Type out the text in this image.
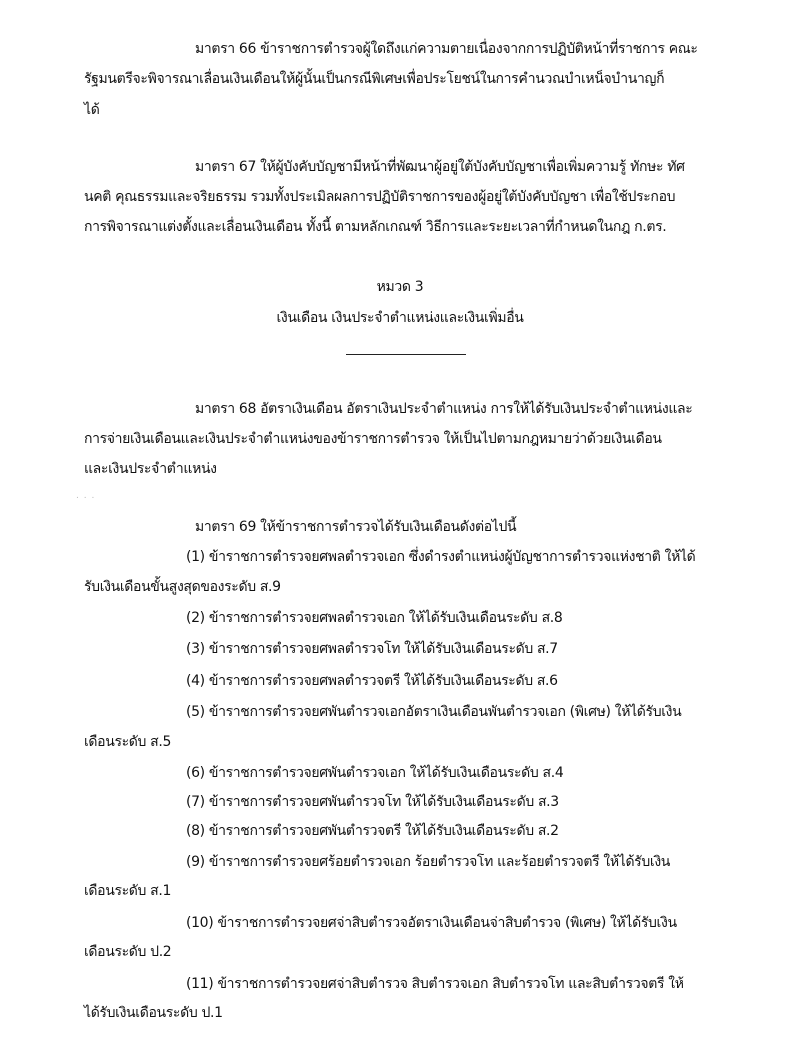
มาตรา 66 ข้าราชการตำรวจผู้ใดถึงแก่ความตายเนื่องจากการปฏิบัติหน้าที่ราชการ คณะ
รัฐมนตรีจะพิจารณาเลื่อนเงินเดือนให้ผู้นั้นเป็นกรณีพิเศษเพื่อประโยชน์ในการคำนวณบำเหน็จบำนาญก็
ได้
มาตรา 67 ให้ผู้บังคับบัญชามีหน้าที่พัฒนาผู้อยู่ใต้บังคับบัญชาเพื่อเพิ่มความรู้ ทักษะ ทัศ
นคติ คุณธรรมและจริยธรรม รวมทั้งประเมิลผลการปฏิบัติราชการของผู้อยู่ใต้บังคับบัญชา เพื่อใช้ประกอบ
การพิจารณาแต่งตั้งและเลื่อนเงินเดือน ทั้งนี้ ตามหลักเกณฑ์ วิธีการและระยะเวลาที่กำหนดในกฎ ก.ตร.
หมวด 3
เงินเดือน เงินประจำตำแหน่งและเงินเพิ่มอื่น
มาตรา 68 อัตราเงินเดือน อัตราเงินประจำตำแหน่ง การให้ได้รับเงินประจำตำแหน่งและ
การจ่ายเงินเดือนและเงินประจำตำแหน่งของข้าราชการตำรวจ ให้เป็นไปตามกฎหมายว่าด้วยเงินเดือน
และเงินประจำตำแหน่ง
. . .
มาตรา 69 ให้ข้าราชการตำรวจได้รับเงินเดือนดังต่อไปนี้
(1) ข้าราชการตำรวจยศพลตำรวจเอก ซึ่งดำรงตำแหน่งผู้บัญชาการตำรวจแห่งชาติ ให้ได้
รับเงินเดือนขั้นสูงสุดของระดับ ส.9
(2) ข้าราชการตำรวจยศพลตำรวจเอก ให้ได้รับเงินเดือนระดับ ส.8
(3) ข้าราชการตำรวจยศพลตำรวจโท ให้ได้รับเงินเดือนระดับ ส.7
(4) ข้าราชการตำรวจยศพลตำรวจตรี ให้ได้รับเงินเดือนระดับ ส.6
(5) ข้าราชการตำรวจยศพันตำรวจเอกอัตราเงินเดือนพันตำรวจเอก (พิเศษ) ให้ได้รับเงิน
เดือนระดับ ส.5
(6) ข้าราชการตำรวจยศพันตำรวจเอก ให้ได้รับเงินเดือนระดับ ส.4
(7) ข้าราชการตำรวจยศพันตำรวจโท ให้ได้รับเงินเดือนระดับ ส.3
(8) ข้าราชการตำรวจยศพันตำรวจตรี ให้ได้รับเงินเดือนระดับ ส.2
(9) ข้าราชการตำรวจยศร้อยตำรวจเอก ร้อยตำรวจโท และร้อยตำรวจตรี ให้ได้รับเงิน
เดือนระดับ ส.1
(10) ข้าราชการตำรวจยศจ่าสิบตำรวจอัตราเงินเดือนจ่าสิบตำรวจ (พิเศษ) ให้ได้รับเงิน
เดือนระดับ ป.2
(11) ข้าราชการตำรวจยศจ่าสิบตำรวจ สิบตำรวจเอก สิบตำรวจโท และสิบตำรวจตรี ให้
ได้รับเงินเดือนระดับ ป.1
